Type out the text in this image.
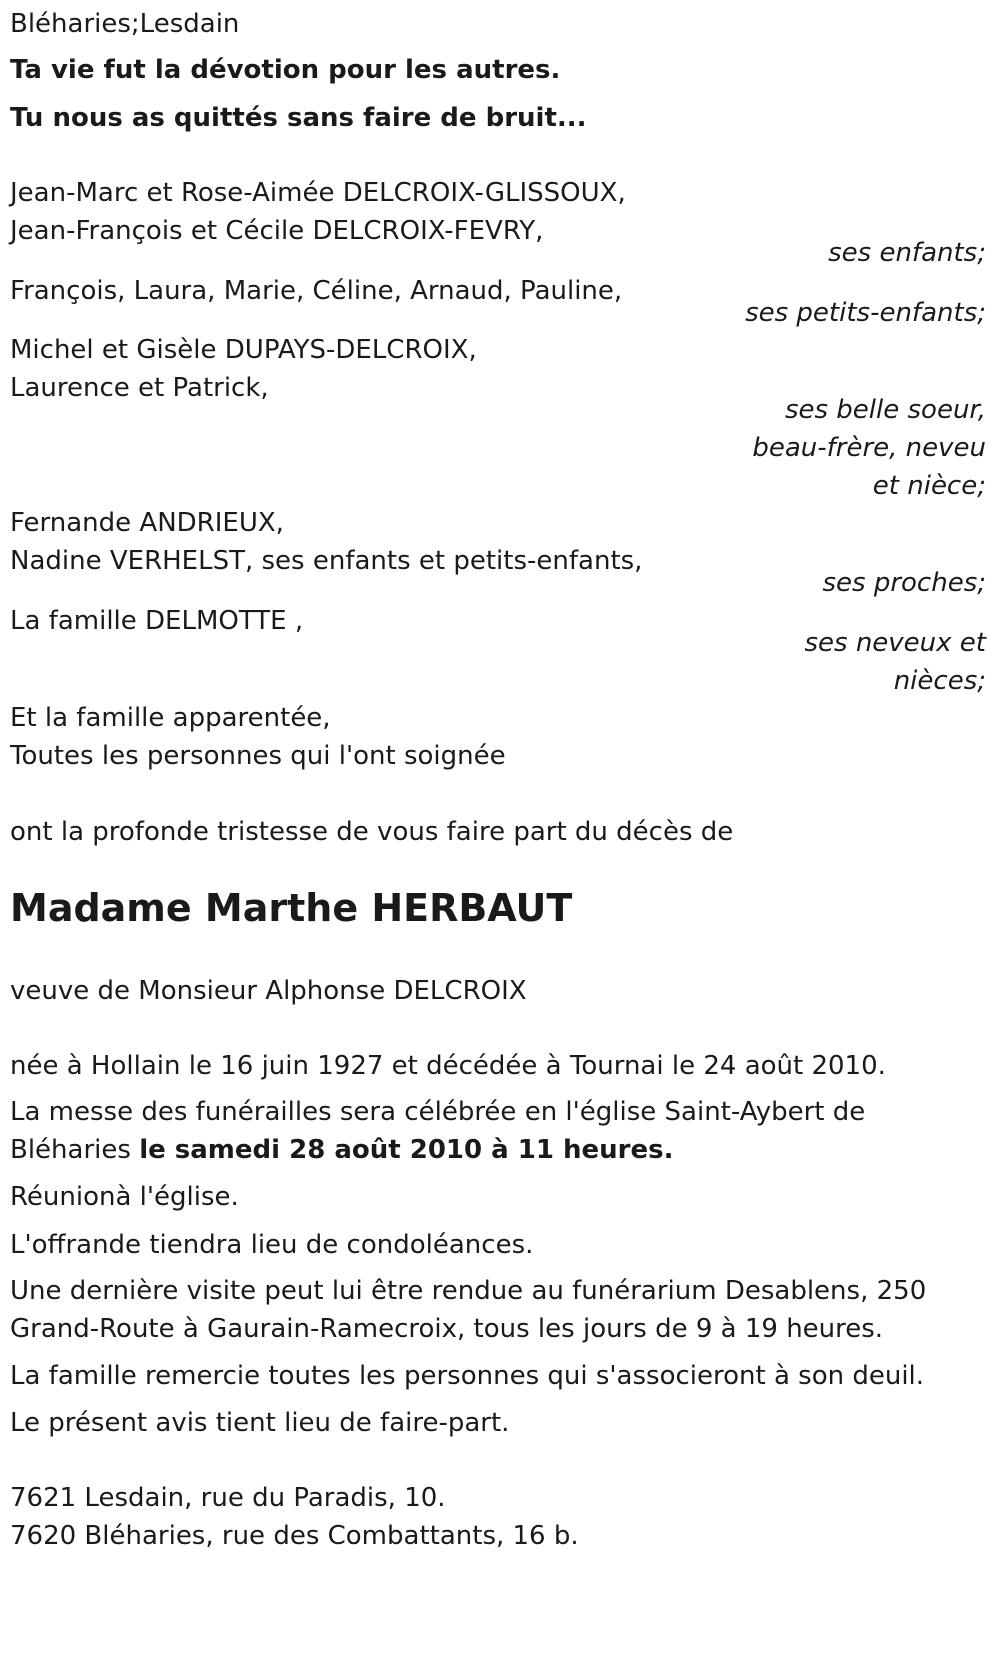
Bléharies;Lesdain
Ta vie fut la dévotion pour les autres.
Tu nous as quittés sans faire de bruit...
Jean-Marc et Rose-Aimée DELCROIX-GLISSOUX,
Jean-François et Cécile DELCROIX-FEVRY,
ses enfants;
François, Laura, Marie, Céline, Arnaud, Pauline,
ses petits-enfants;
Michel et Gisèle DUPAYS-DELCROIX,
Laurence et Patrick,
ses belle soeur,
beau-frère, neveu
et nièce;
Fernande ANDRIEUX,
Nadine VERHELST, ses enfants et petits-enfants,
ses proches;
La famille DELMOTTE ,
ses neveux et
nièces;
Et la famille apparentée,
Toutes les personnes qui l'ont soignée
ont la profonde tristesse de vous faire part du décès de
Madame Marthe HERBAUT
veuve de Monsieur Alphonse DELCROIX
née à Hollain le 16 juin 1927 et décédée à Tournai le 24 août 2010.
La messe des funérailles sera célébrée en l'église Saint-Aybert de
Bléharies le samedi 28 août 2010 à 11 heures.
Réunionà l'église.
L'offrande tiendra lieu de condoléances.
Une dernière visite peut lui être rendue au funérarium Desablens, 250
Grand-Route à Gaurain-Ramecroix, tous les jours de 9 à 19 heures.
La famille remercie toutes les personnes qui s'associeront à son deuil.
Le présent avis tient lieu de faire-part.
7621 Lesdain, rue du Paradis, 10.
7620 Bléharies, rue des Combattants, 16 b.
